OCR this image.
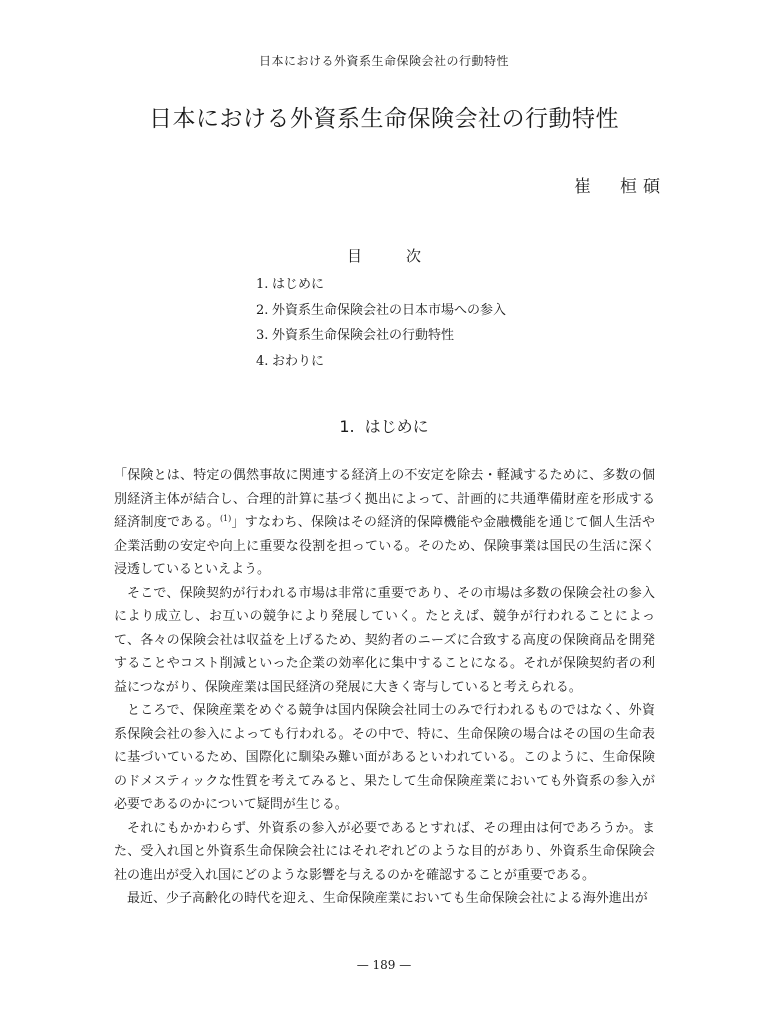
日本における外資系生命保険会社の行動特性
日本における外資系生命保険会社の行動特性
崔　桓碩
目	次
1. はじめに
2. 外資系生命保険会社の日本市場への参入
3. 外資系生命保険会社の行動特性
4. おわりに
1. はじめに

「保険とは、特定の偶然事故に関連する経済上の不安定を除去・軽減するために、多数の個別経済主体が結合し、合理的計算に基づく拠出によって、計画的に共通準備財産を形成する経済制度である。$^{(1)}$」すなわち、保険はその経済的保障機能や金融機能を通じて個人生活や企業活動の安定や向上に重要な役割を担っている。そのため、保険事業は国民の生活に深く浸透しているといえよう。

そこで、保険契約が行われる市場は非常に重要であり、その市場は多数の保険会社の参入により成立し、お互いの競争により発展していく。たとえば、競争が行われることによって、各々の保険会社は収益を上げるため、契約者のニーズに合致する高度の保険商品を開発することやコスト削減といった企業の効率化に集中することになる。それが保険契約者の利益につながり、保険産業は国民経済の発展に大きく寄与していると考えられる。

ところで、保険産業をめぐる競争は国内保険会社同士のみで行われるものではなく、外資系保険会社の参入によっても行われる。その中で、特に、生命保険の場合はその国の生命表に基づいているため、国際化に馴染み難い面があるといわれている。このように、生命保険のドメスティックな性質を考えてみると、果たして生命保険産業においても外資系の参入が必要であるのかについて疑問が生じる。

それにもかかわらず、外資系の参入が必要であるとすれば、その理由は何であろうか。また、受入れ国と外資系生命保険会社にはそれぞれどのような目的があり、外資系生命保険会社の進出が受入れ国にどのような影響を与えるのかを確認することが重要である。

最近、少子高齢化の時代を迎え、生命保険産業においても生命保険会社による海外進出が

— 189 —
